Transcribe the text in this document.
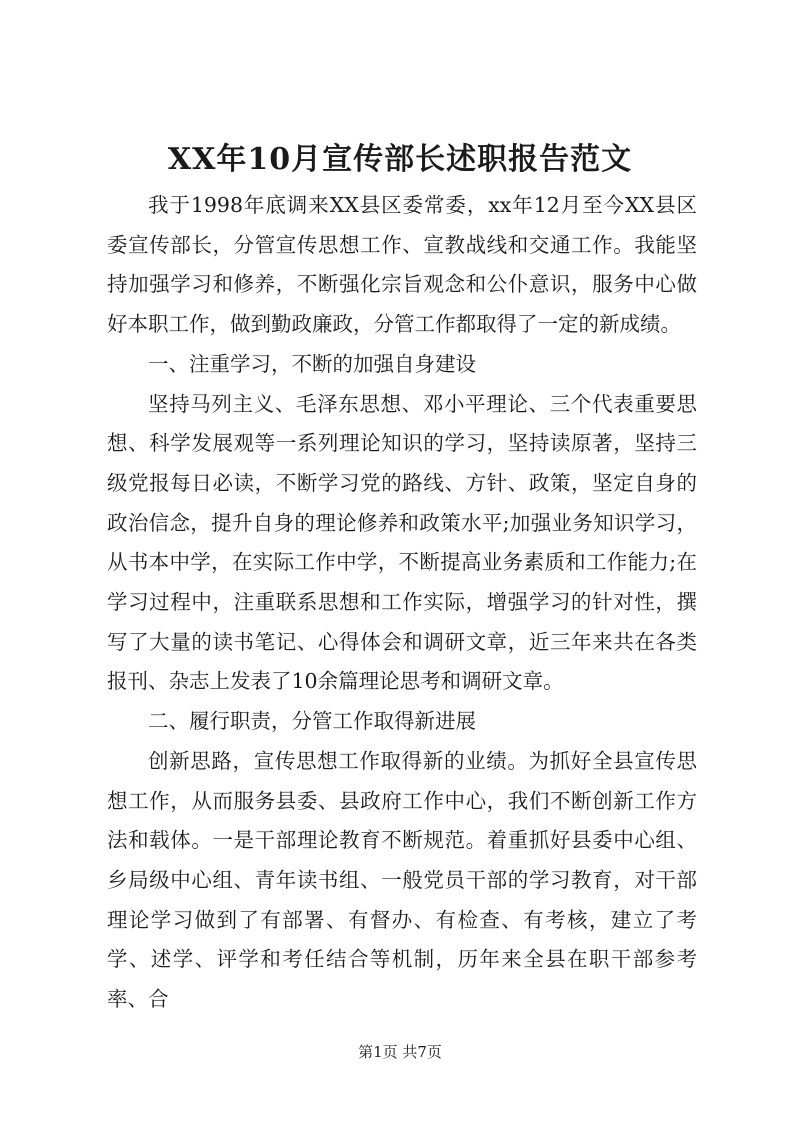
XX年10月宣传部长述职报告范文

我于1998年底调来XX县区委常委，xx年12月至今XX县区委宣传部长，分管宣传思想工作、宣教战线和交通工作。我能坚持加强学习和修养，不断强化宗旨观念和公仆意识，服务中心做好本职工作，做到勤政廉政，分管工作都取得了一定的新成绩。

一、注重学习，不断的加强自身建设

坚持马列主义、毛泽东思想、邓小平理论、三个代表重要思想、科学发展观等一系列理论知识的学习，坚持读原著，坚持三级党报每日必读，不断学习党的路线、方针、政策，坚定自身的政治信念，提升自身的理论修养和政策水平;加强业务知识学习，从书本中学，在实际工作中学，不断提高业务素质和工作能力;在学习过程中，注重联系思想和工作实际，增强学习的针对性，撰写了大量的读书笔记、心得体会和调研文章，近三年来共在各类报刊、杂志上发表了10余篇理论思考和调研文章。

二、履行职责，分管工作取得新进展

创新思路，宣传思想工作取得新的业绩。为抓好全县宣传思想工作，从而服务县委、县政府工作中心，我们不断创新工作方法和载体。一是干部理论教育不断规范。着重抓好县委中心组、乡局级中心组、青年读书组、一般党员干部的学习教育，对干部理论学习做到了有部署、有督办、有检查、有考核，建立了考学、述学、评学和考任结合等机制，历年来全县在职干部参考率、合

第1页 共7页
